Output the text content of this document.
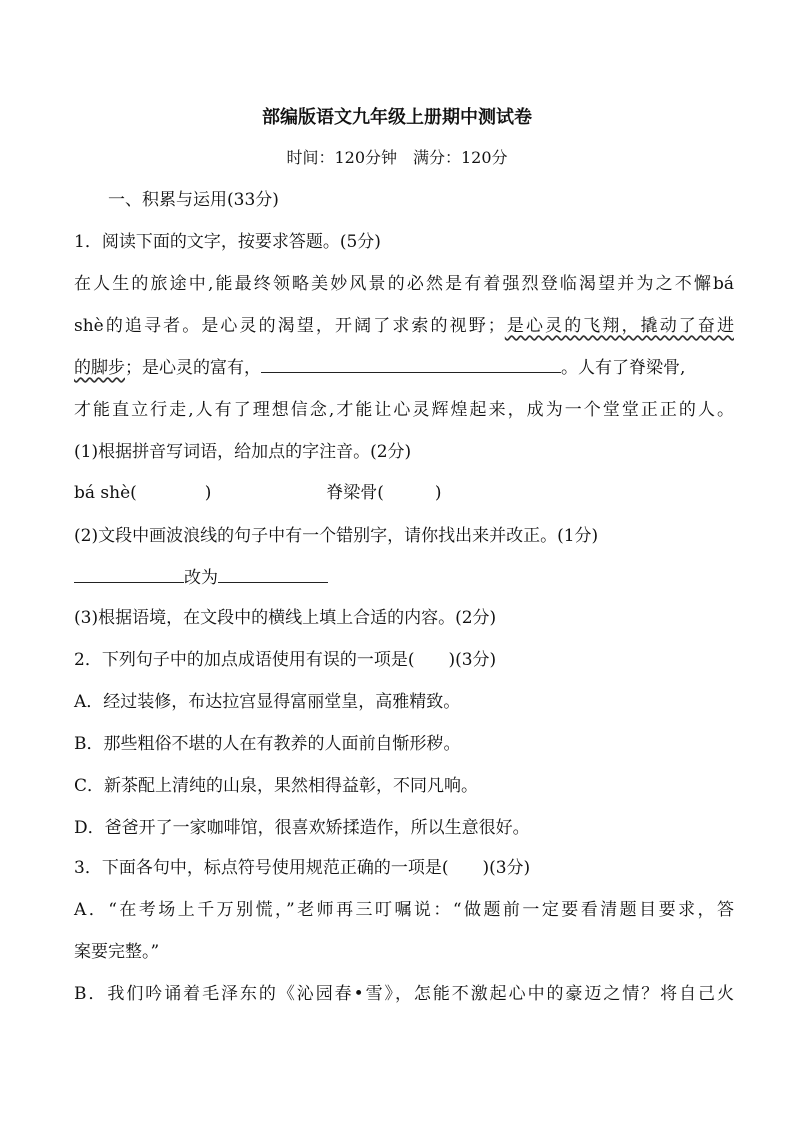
部编版语文九年级上册期中测试卷
时间：120分钟　满分：120分
一、积累与运用(33分)
1．阅读下面的文字，按要求答题。(5分)
在人生的旅途中,能最终领略美妙风景的必然是有着强烈登临渴望并为之不懈bá
shè的追寻者。是心灵的渴望，开阔了求索的视野；是心灵的飞翔，撬动了奋进
的脚步；是心灵的富有，	。人有了脊梁骨,
才能直立行走,人有了理想信念,才能让心灵辉煌起来，成为一个堂堂正正的人。
(1)根据拼音写词语，给加点的字注音。(2分)
bá shè(　　　　)	脊梁骨(　　　)
(2)文段中画波浪线的句子中有一个错别字，请你找出来并改正。(1分)
改为
(3)根据语境，在文段中的横线上填上合适的内容。(2分)
2．下列句子中的加点成语使用有误的一项是(　　)(3分)
A．经过装修，布达拉宫显得富丽堂皇，高雅精致。
B．那些粗俗不堪的人在有教养的人面前自惭形秽。
C．新茶配上清纯的山泉，果然相得益彰，不同凡响。
D．爸爸开了一家咖啡馆，很喜欢矫揉造作，所以生意很好。
3．下面各句中，标点符号使用规范正确的一项是(　　)(3分)
A．“在考场上千万别慌，”老师再三叮嘱说：“做题前一定要看清题目要求，答
案要完整。”
B．我们吟诵着毛泽东的《沁园春•雪》，怎能不激起心中的豪迈之情？将自己火
